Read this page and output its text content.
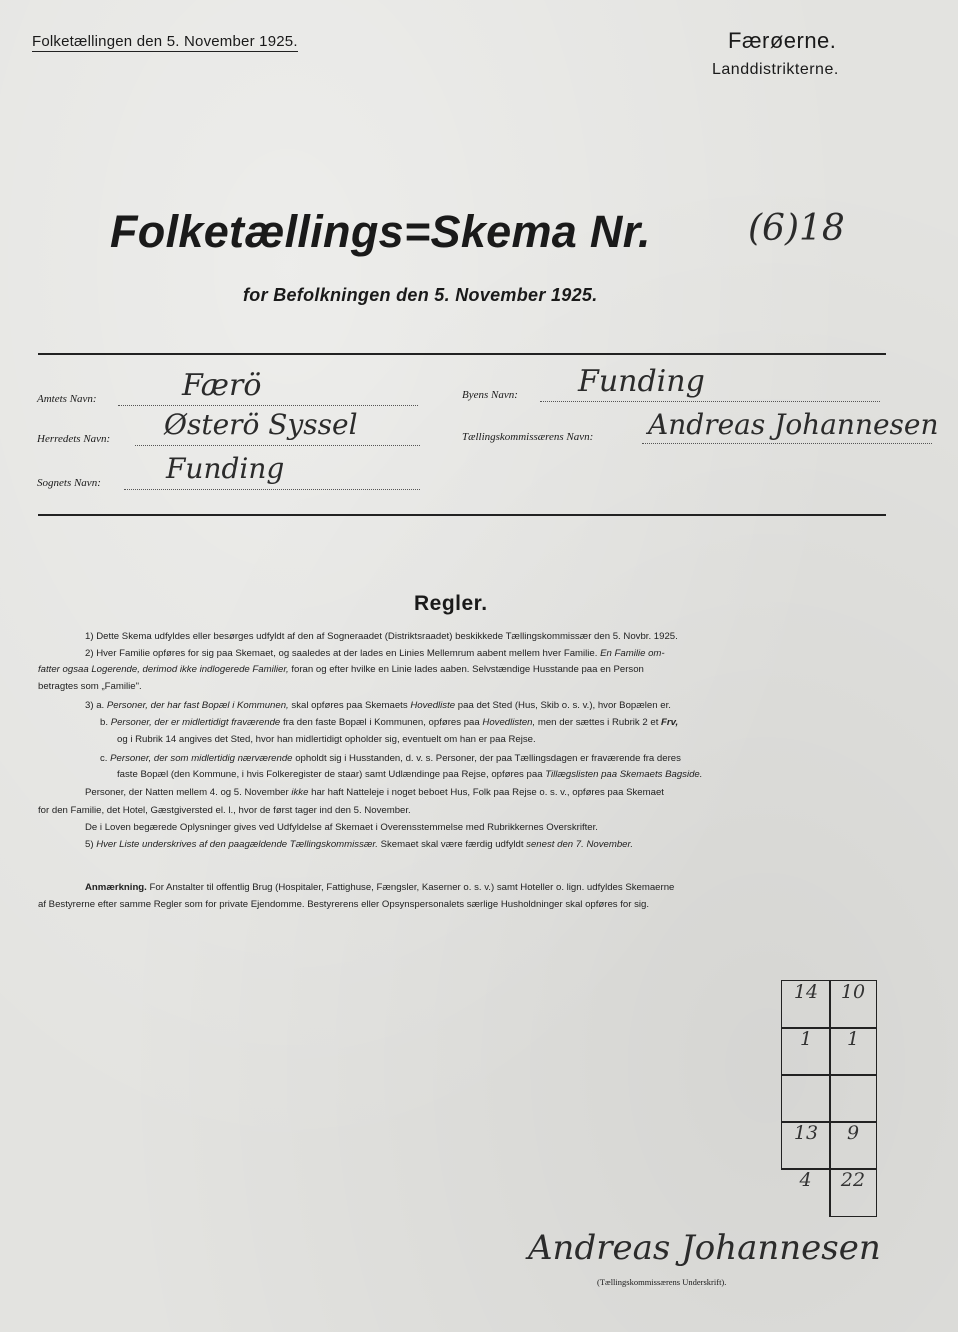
Folketællingen den 5. November 1925.	Færøerne.
Landdistrikterne.
Folketællings=Skema Nr.	(6)18
for Befolkningen den 5. November 1925.
Amtets Navn:	Færö
Herredets Navn: Østerö Syssel
Sognets Navn: Funding
Byens Navn: Funding
Tællingskommissærens Navn: Andreas Johannesen
Regler.
1) Dette Skema udfyldes eller besørges udfyldt af den af Sogneraadet (Distriktsraadet) beskikkede Tællingskommissær den 5. Novbr. 1925.
2) Hver Familie opføres for sig paa Skemaet, og saaledes at der lades en Linies Mellemrum aabent mellem hver Familie. En Familie om-
fatter ogsaa Logerende, derimod ikke indlogerede Familier, foran og efter hvilke en Linie lades aaben. Selvstændige Husstande paa en Person
betragtes som „Familie".
3) a. Personer, der har fast Bopæl i Kommunen, skal opføres paa Skemaets Hovedliste paa det Sted (Hus, Skib o. s. v.), hvor Bopælen er.
b. Personer, der er midlertidigt fraværende fra den faste Bopæl i Kommunen, opføres paa Hovedlisten, men der sættes i Rubrik 2 et Frv,
og i Rubrik 14 angives det Sted, hvor han midlertidigt opholder sig, eventuelt om han er paa Rejse.
c. Personer, der som midlertidig nærværende opholdt sig i Husstanden, d. v. s. Personer, der paa Tællingsdagen er fraværende fra deres
faste Bopæl (den Kommune, i hvis Folkeregister de staar) samt Udlændinge paa Rejse, opføres paa Tillægslisten paa Skemaets Bagside.
Personer, der Natten mellem 4. og 5. November ikke har haft Natteleje i noget beboet Hus, Folk paa Rejse o. s. v., opføres paa Skemaet
for den Familie, det Hotel, Gæstgiversted el. l., hvor de først tager ind den 5. November.
De i Loven begærede Oplysninger gives ved Udfyldelse af Skemaet i Overensstemmelse med Rubrikkernes Overskrifter.
5) Hver Liste underskrives af den paagældende Tællingskommissær. Skemaet skal være færdig udfyldt senest den 7. November.
Anmærkning. For Anstalter til offentlig Brug (Hospitaler, Fattighuse, Fængsler, Kaserner o. s. v.) samt Hoteller o. lign. udfyldes Skemaerne
af Bestyrerne efter samme Regler som for private Ejendomme. Bestyrerens eller Opsynspersonalets særlige Husholdninger skal opføres for sig.
14	10
1	1
13	9
4	22
Andreas Johannesen
(Tællingskommissærens Underskrift).
